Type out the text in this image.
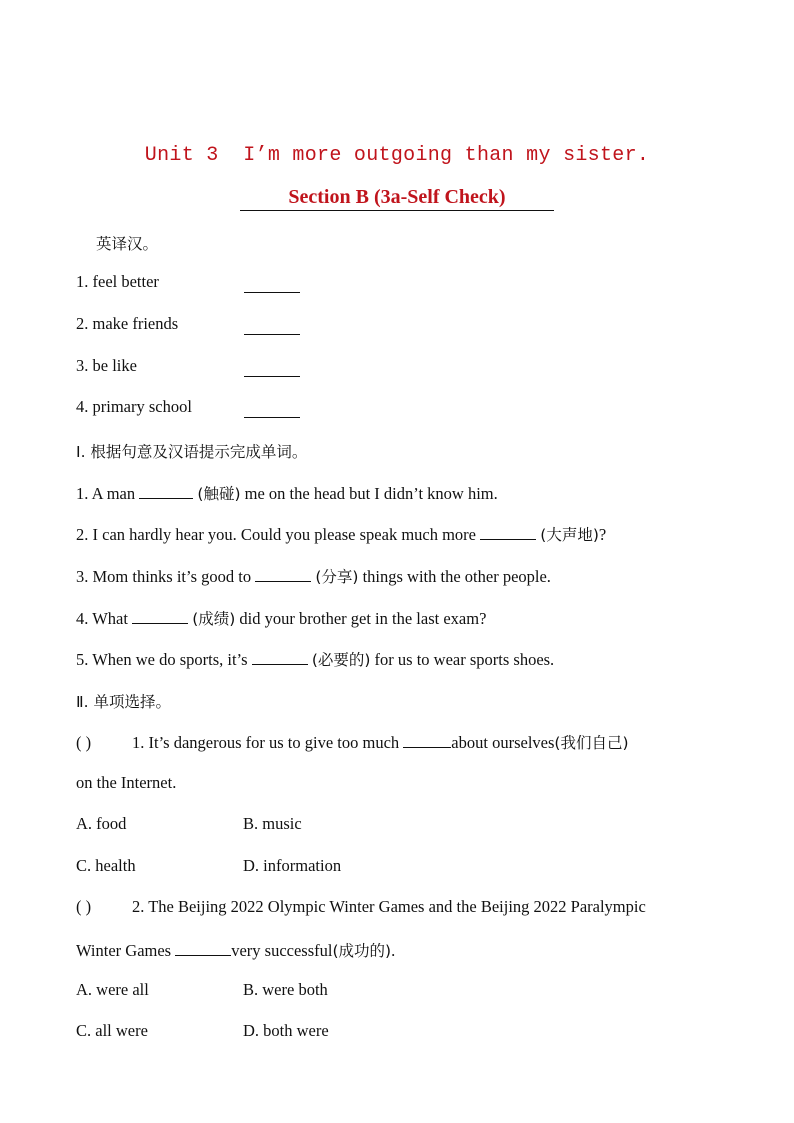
Unit 3  I’m more outgoing than my sister.
Section B (3a-Self Check)
英译汉。
1. feel better
2. make friends
3. be like
4. primary school
Ⅰ. 根据句意及汉语提示完成单词。
1. A man	(触碰) me on the head but I didn’t know him.
2. I can hardly hear you. Could you please speak much more	(大声地)?
3. Mom thinks it’s good to	(分享) things with the other people.
4. What	(成绩) did your brother get in the last exam?
5. When we do sports, it’s	(必要的) for us to wear sports shoes.
Ⅱ. 单项选择。
( ) 1. It’s dangerous for us to give too much	about ourselves(我们自己)
on the Internet.
A. food	B. music
C. health	D. information
( ) 2. The Beijing 2022 Olympic Winter Games and the Beijing 2022 Paralympic
Winter Games	very successful(成功的).
A. were all	B. were both
C. all were	D. both were
